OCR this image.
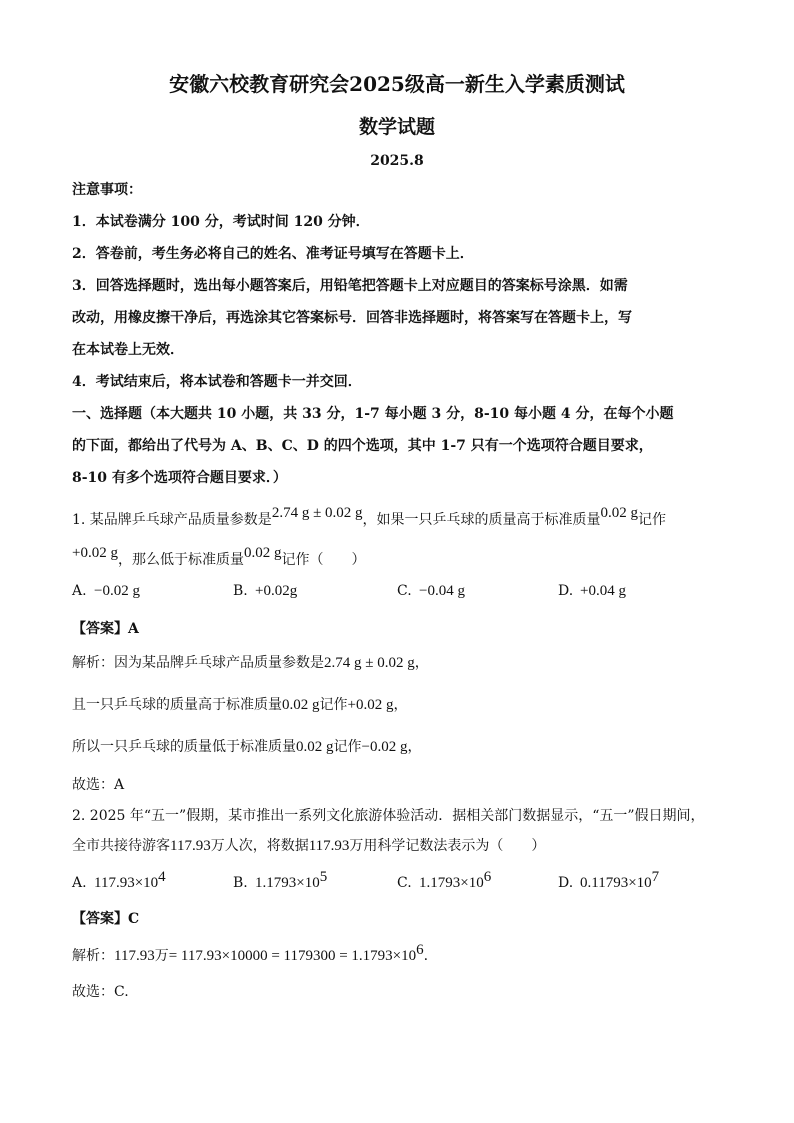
安徽六校教育研究会2025级高一新生入学素质测试
数学试题
2025.8
注意事项：
1．本试卷满分 100 分，考试时间 120 分钟．
2．答卷前，考生务必将自己的姓名、准考证号填写在答题卡上．
3．回答选择题时，选出每小题答案后，用铅笔把答题卡上对应题目的答案标号涂黑．如需
改动，用橡皮擦干净后，再选涂其它答案标号．回答非选择题时，将答案写在答题卡上，写
在本试卷上无效．
4．考试结束后，将本试卷和答题卡一并交回．
一、选择题（本大题共 10 小题，共 33 分，1-7 每小题 3 分，8-10 每小题 4 分，在每个小题
的下面，都给出了代号为 A、B、C、D 的四个选项，其中 1-7 只有一个选项符合题目要求，
8-10 有多个选项符合题目要求．）
1. 某品牌乒乓球产品质量参数是2.74 g ± 0.02 g，如果一只乒乓球的质量高于标准质量0.02 g记作
+0.02 g，那么低于标准质量0.02 g记作（　　）
A. −0.02 g	B. +0.02g	C. −0.04 g	D. +0.04 g
【答案】A
解析：因为某品牌乒乓球产品质量参数是2.74 g ± 0.02 g，
且一只乒乓球的质量高于标准质量0.02 g记作+0.02 g，
所以一只乒乓球的质量低于标准质量0.02 g记作−0.02 g，
故选：A
2. 2025 年“五一”假期，某市推出一系列文化旅游体验活动．据相关部门数据显示，“五一”假日期间，
全市共接待游客117.93万人次，将数据117.93万用科学记数法表示为（　　）
A. $117.93\times 10^4$	B. $1.1793\times 10^5$	C. $1.1793\times 10^6$	D. $0.11793\times 10^7$
【答案】C
解析：117.93万= $117.93\times 10000 = 1179300 = 1.1793\times 10^6$.
故选：C.
